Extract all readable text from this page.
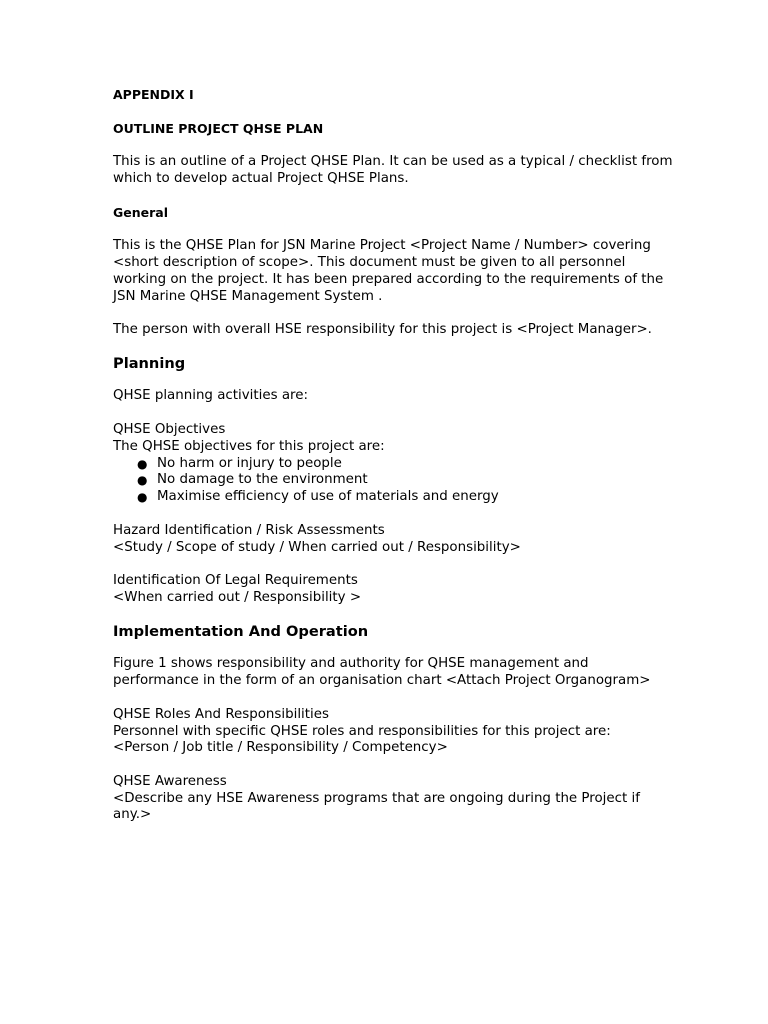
APPENDIX I

OUTLINE PROJECT QHSE PLAN

This is an outline of a Project QHSE Plan. It can be used as a typical / checklist from which to develop actual Project QHSE Plans.

General

This is the QHSE Plan for JSN Marine Project <Project Name / Number> covering <short description of scope>. This document must be given to all personnel working on the project. It has been prepared according to the requirements of the JSN Marine QHSE Management System .

The person with overall HSE responsibility for this project is <Project Manager>.

Planning

QHSE planning activities are:

QHSE Objectives

The QHSE objectives for this project are:

● No harm or injury to people
● No damage to the environment
● Maximise efficiency of use of materials and energy

Hazard Identification / Risk Assessments

<Study / Scope of study / When carried out / Responsibility>

Identification Of Legal Requirements

<When carried out / Responsibility >

Implementation And Operation

Figure 1 shows responsibility and authority for QHSE management and performance in the form of an organisation chart <Attach Project Organogram>

QHSE Roles And Responsibilities

Personnel with specific QHSE roles and responsibilities for this project are:

<Person / Job title / Responsibility / Competency>

QHSE Awareness

<Describe any HSE Awareness programs that are ongoing during the Project if any.>
